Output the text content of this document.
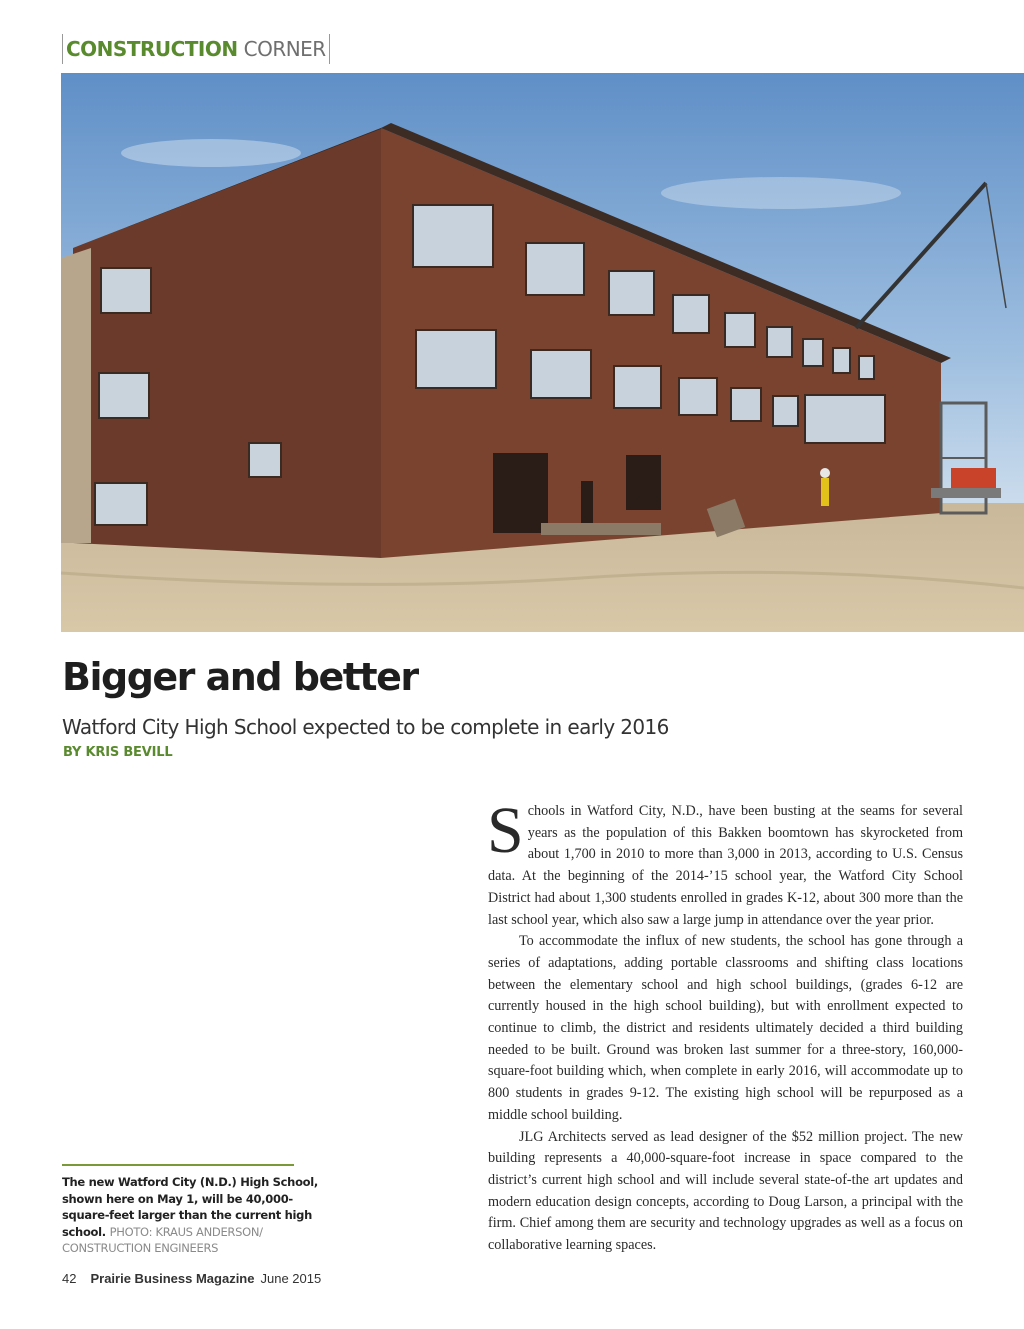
CONSTRUCTION CORNER
Bigger and better
Watford City High School expected to be complete in early 2016
BY KRIS BEVILL
The new Watford City (N.D.) High School, shown here on May 1, will be 40,000-square-feet larger than the current high school. PHOTO: KRAUS ANDERSON/ CONSTRUCTION ENGINEERS

Schools in Watford City, N.D., have been busting at the seams for several years as the population of this Bakken boomtown has skyrocketed from about 1,700 in 2010 to more than 3,000 in 2013, according to U.S. Census data. At the beginning of the 2014-’15 school year, the Watford City School District had about 1,300 students enrolled in grades K-12, about 300 more than the last school year, which also saw a large jump in attendance over the year prior.

To accommodate the influx of new students, the school has gone through a series of adaptations, adding portable classrooms and shifting class locations between the elementary school and high school buildings, (grades 6-12 are currently housed in the high school building), but with enrollment expected to continue to climb, the district and residents ultimately decided a third building needed to be built. Ground was broken last summer for a three-story, 160,000-square-foot building which, when complete in early 2016, will accommodate up to 800 students in grades 9-12. The existing high school will be repurposed as a middle school building.

JLG Architects served as lead designer of the $52 million project. The new building represents a 40,000-square-foot increase in space compared to the district’s current high school and will include several state-of-the art updates and modern education design concepts, according to Doug Larson, a principal with the firm. Chief among them are security and technology upgrades as well as a focus on collaborative learning spaces.

42 Prairie Business Magazine June 2015
